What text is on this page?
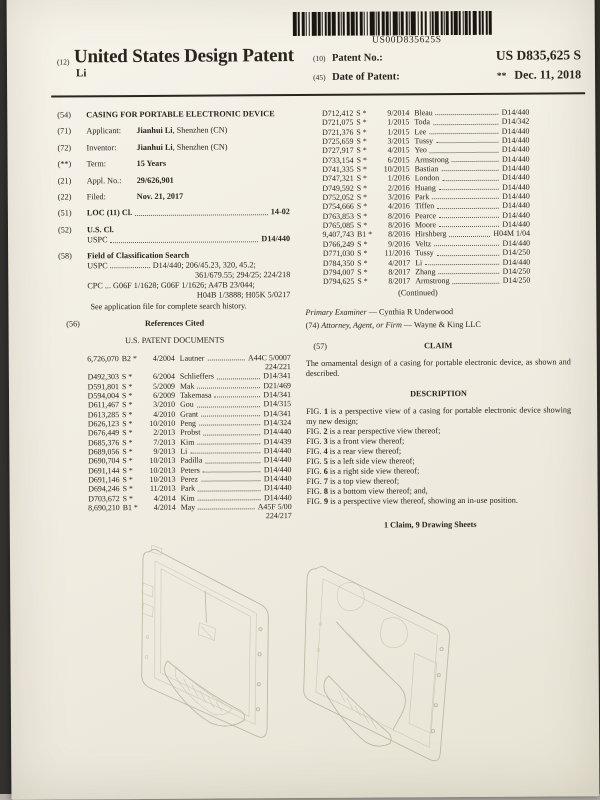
US00D835625S
(12) United States Design Patent
Li
(10) Patent No.:	US D835,625 S
(45) Date of Patent:	** Dec. 11, 2018
(54)	CASING FOR PORTABLE ELECTRONIC DEVICE
(71)	Applicant: Jianhui Li, Shenzhen (CN)
(72)	Inventor: Jianhui Li, Shenzhen (CN)
(**)	Term:	15 Years
(21)	Appl. No.: 29/626,901
(22)	Filed:	Nov. 21, 2017
(51)	LOC (11) Cl.	14-02
(52)	U.S. Cl.
USPC	D14/440
(58)	Field of Classification Search
USPC .................... D14/440; 206/45.23, 320, 45.2;
361/679.55; 294/25; 224/218
CPC ... G06F 1/1628; G06F 1/1626; A47B 23/044;
H04B 1/3888; H05K 5/0217
See application file for complete search history.
(56)	References Cited
U.S. PATENT DOCUMENTS
6,726,070 B2 *	4/2004 Lautner	A44C 5/0007
224/221
D492,303 S *	6/2004 Schlieffers	D14/341
D591,801 S *	5/2009 Mak	D21/469
D594,004 S *	6/2009 Takemasa	D14/341
D611,467 S *	3/2010 Gou	D14/315
D613,285 S *	4/2010 Grant	D14/341
D626,123 S *	10/2010 Peng	D14/324
D676,449 S *	2/2013 Probst	D14/440
D685,376 S *	7/2013 Kim	D14/439
D689,056 S *	9/2013 Li	D14/440
D690,704 S *	10/2013 Padilla	D14/440
D691,144 S *	10/2013 Peters	D14/440
D691,146 S *	10/2013 Perez	D14/440
D694,246 S *	11/2013 Park	D14/440
D703,672 S *	4/2014 Kim	D14/440
8,690,210 B1 *	4/2014 May	A45F 5/00
224/217
D712,412 S *	9/2014 Bleau	D14/440
D721,075 S *	1/2015 Toda	D14/342
D721,376 S *	1/2015 Lee	D14/440
D725,659 S *	3/2015 Tussy	D14/440
D727,917 S *	4/2015 Yeo	D14/440
D733,154 S *	6/2015 Armstrong	D14/440
D741,335 S *	10/2015 Bastian	D14/440
D747,321 S *	1/2016 London	D14/440
D749,592 S *	2/2016 Huang	D14/440
D752,052 S *	3/2016 Park	D14/440
D754,666 S *	4/2016 Tiffen	D14/440
D763,853 S *	8/2016 Pearce	D14/440
D765,085 S *	8/2016 Moore	D14/440
9,407,743 B1 *	8/2016 Hirshberg	H04M 1/04
D766,249 S *	9/2016 Veltz	D14/440
D771,030 S *	11/2016 Tussy	D14/250
D784,350 S *	4/2017 Li	D14/440
D794,007 S *	8/2017 Zhang	D14/250
D794,625 S *	8/2017 Armstrong	D14/250
(Continued)
Primary Examiner — Cynthia R Underwood
(74) Attorney, Agent, or Firm — Wayne & King LLC
(57)	CLAIM
The ornamental design of a casing for portable electronic device, as shown and described.
DESCRIPTION
FIG. 1 is a perspective view of a casing for portable electronic device showing my new design;
FIG. 2 is a rear perspective view thereof;
FIG. 3 is a front view thereof;
FIG. 4 is a rear view thereof;
FIG. 5 is a left side view thereof;
FIG. 6 is a right side view thereof;
FIG. 7 is a top view thereof;
FIG. 8 is a bottom view thereof; and,
FIG. 9 is a perspective view thereof, showing an in-use position.
1 Claim, 9 Drawing Sheets
